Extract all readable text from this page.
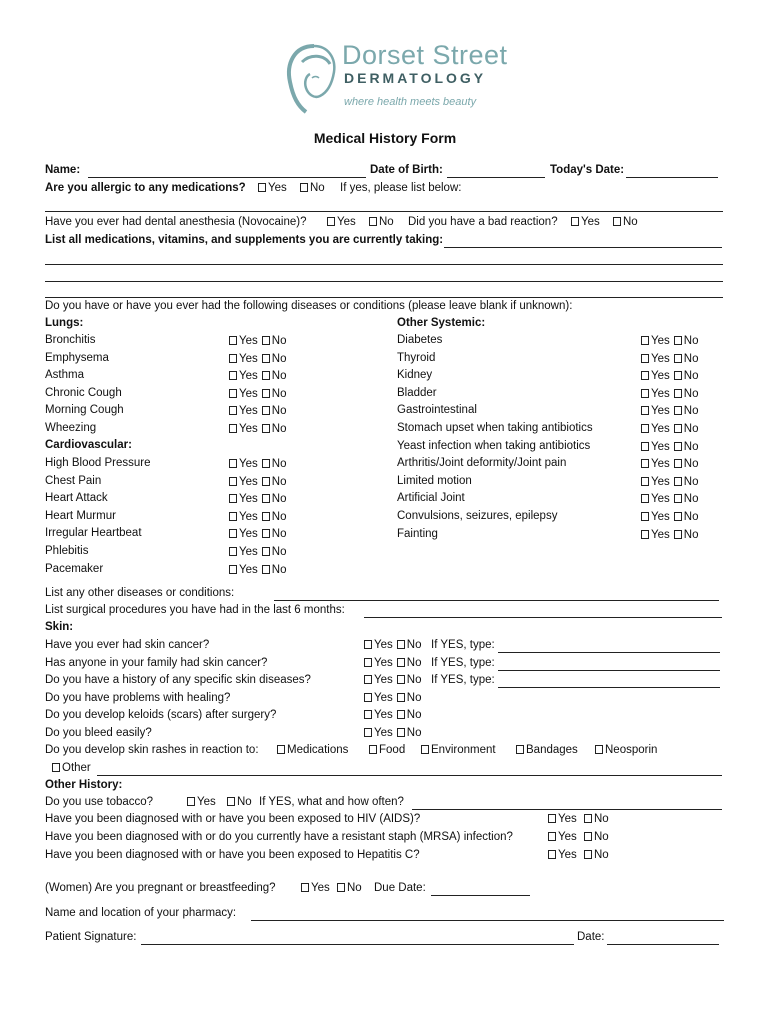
Dorset Street
DERMATOLOGY
where health meets beauty
Medical History Form
Name:	Date of Birth:	Today's Date:
Are you allergic to any medications?	Yes No	If yes, please list below:
Have you ever had dental anesthesia (Novocaine)?	Yes No	Did you have a bad reaction?	Yes No
List all medications, vitamins, and supplements you are currently taking:
Do you have or have you ever had the following diseases or conditions (please leave blank if unknown):
Lungs:
Bronchitis	Yes No
Emphysema	Yes No
Asthma	Yes No
Chronic Cough	Yes No
Morning Cough	Yes No
Wheezing	Yes No
Cardiovascular:
High Blood Pressure	Yes No
Chest Pain	Yes No
Heart Attack	Yes No
Heart Murmur	Yes No
Irregular Heartbeat	Yes No
Phlebitis	Yes No
Pacemaker	Yes No
Other Systemic:
Diabetes	Yes No
Thyroid	Yes No
Kidney	Yes No
Bladder	Yes No
Gastrointestinal	Yes No
Stomach upset when taking antibiotics	Yes No
Yeast infection when taking antibiotics	Yes No
Arthritis/Joint deformity/Joint pain	Yes No
Limited motion	Yes No
Artificial Joint	Yes No
Convulsions, seizures, epilepsy	Yes No
Fainting	Yes No
List any other diseases or conditions:
List surgical procedures you have had in the last 6 months:
Skin:
Have you ever had skin cancer?	Yes No If YES, type:
Has anyone in your family had skin cancer?	Yes No If YES, type:
Do you have a history of any specific skin diseases?	Yes No If YES, type:
Do you have problems with healing?	Yes No
Do you develop keloids (scars) after surgery?	Yes No
Do you bleed easily?	Yes No
Do you develop skin rashes in reaction to:	Medications	Food	Environment	Bandages	Neosporin
Other
Other History:
Do you use tobacco?	Yes No If YES, what and how often?
Have you been diagnosed with or have you been exposed to HIV (AIDS)?	Yes No
Have you been diagnosed with or do you currently have a resistant staph (MRSA) infection?	Yes No
Have you been diagnosed with or have you been exposed to Hepatitis C?	Yes No
(Women) Are you pregnant or breastfeeding?	Yes No	Due Date:
Name and location of your pharmacy:
Patient Signature:	Date:
